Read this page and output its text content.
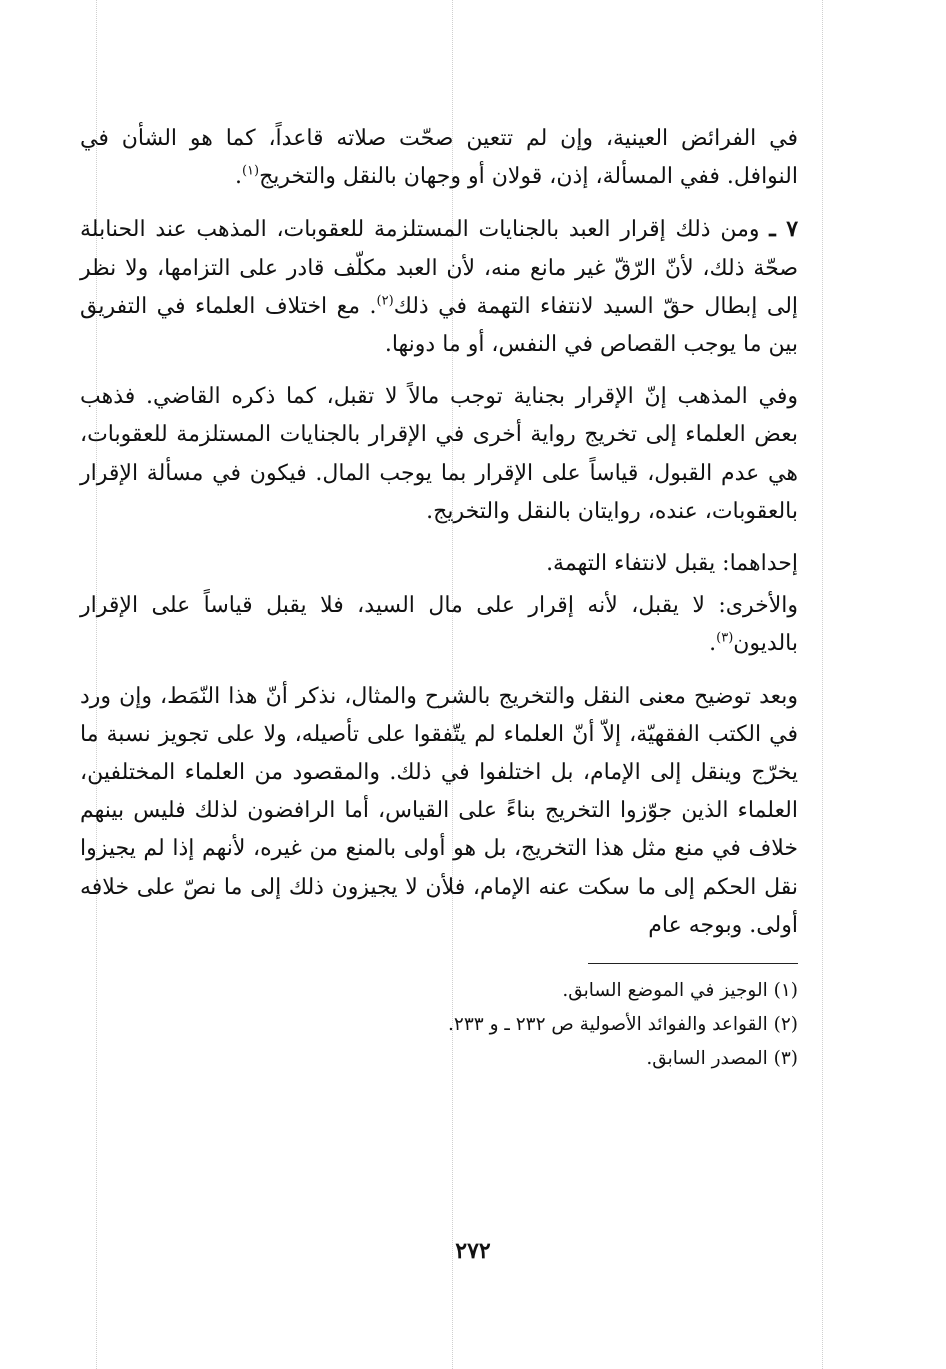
في الفرائض العينية، وإن لم تتعين صحّت صلاته قاعداً، كما هو الشأن في النوافل. ففي المسألة، إذن، قولان أو وجهان بالنقل والتخريج$^{(١)}$.

٧ ـ ومن ذلك إقرار العبد بالجنايات المستلزمة للعقوبات، المذهب عند الحنابلة صحّة ذلك، لأنّ الرّقّ غير مانع منه، لأن العبد مكلّف قادر على التزامها، ولا نظر إلى إبطال حقّ السيد لانتفاء التهمة في ذلك$^{(٢)}$. مع اختلاف العلماء في التفريق بين ما يوجب القصاص في النفس، أو ما دونها.

وفي المذهب إنّ الإقرار بجناية توجب مالاً لا تقبل، كما ذكره القاضي. فذهب بعض العلماء إلى تخريج رواية أخرى في الإقرار بالجنايات المستلزمة للعقوبات، هي عدم القبول، قياساً على الإقرار بما يوجب المال. فيكون في مسألة الإقرار بالعقوبات، عنده، روايتان بالنقل والتخريج.

إحداهما: يقبل لانتفاء التهمة.

والأخرى: لا يقبل، لأنه إقرار على مال السيد، فلا يقبل قياساً على الإقرار بالديون$^{(٣)}$.

وبعد توضيح معنى النقل والتخريج بالشرح والمثال، نذكر أنّ هذا النّمَط، وإن ورد في الكتب الفقهيّة، إلاّ أنّ العلماء لم يتّفقوا على تأصيله، ولا على تجويز نسبة ما يخرّج وينقل إلى الإمام، بل اختلفوا في ذلك. والمقصود من العلماء المختلفين، العلماء الذين جوّزوا التخريج بناءً على القياس، أما الرافضون لذلك فليس بينهم خلاف في منع مثل هذا التخريج، بل هو أولى بالمنع من غيره، لأنهم إذا لم يجيزوا نقل الحكم إلى ما سكت عنه الإمام، فلأن لا يجيزون ذلك إلى ما نصّ على خلافه أولى. وبوجه عام

(١) الوجيز في الموضع السابق.
(٢) القواعد والفوائد الأصولية ص ٢٣٢ ـ و ٢٣٣.
(٣) المصدر السابق.
٢٧٢
